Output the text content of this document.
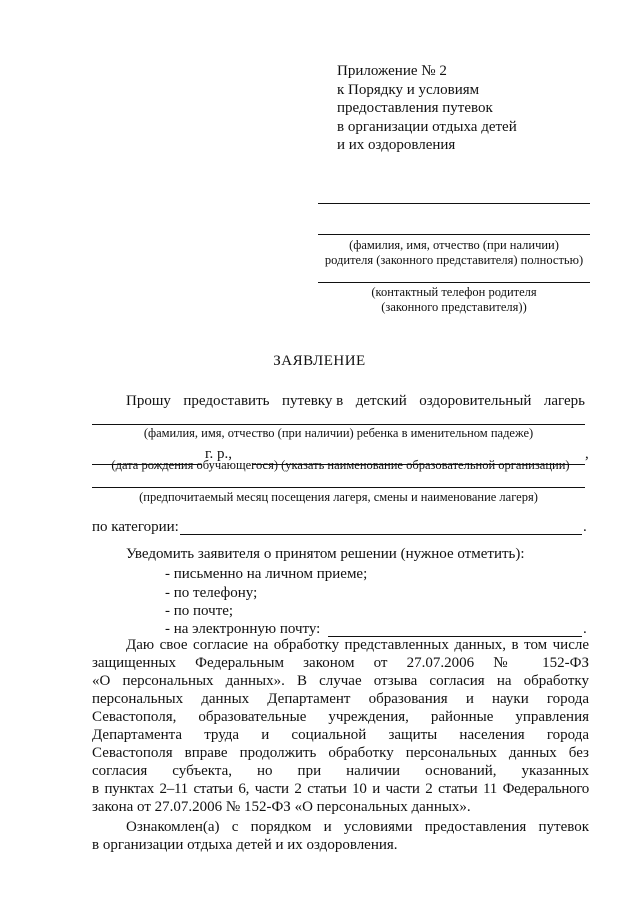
Приложение № 2
к Порядку и условиям
предоставления путевок
в организации отдыха детей
и их оздоровления
(фамилия, имя, отчество (при наличии)
родителя (законного представителя) полностью)
(контактный телефон родителя
(законного представителя))
ЗАЯВЛЕНИЕ
Прошу предоставить путевку в детский оздоровительный лагерь
(фамилия, имя, отчество (при наличии) ребенка в именительном падеже)
г. р.,	,
(дата рождения обучающегося) (указать наименование образовательной организации)
(предпочитаемый месяц посещения лагеря, смены и наименование лагеря)
по категории:	.
Уведомить заявителя о принятом решении (нужное отметить):
- письменно на личном приеме;
- по телефону;
- по почте;
- на электронную почту:	.
Даю свое согласие на обработку представленных данных, в том числе
защищенных Федеральным законом от 27.07.2006 № 152-ФЗ
«О персональных данных». В случае отзыва согласия на обработку
персональных данных Департамент образования и науки города
Севастополя, образовательные учреждения, районные управления
Департамента труда и социальной защиты населения города
Севастополя вправе продолжить обработку персональных данных без
согласия субъекта, но при наличии оснований, указанных
в пунктах 2–11 статьи 6, части 2 статьи 10 и части 2 статьи 11 Федерального
закона от 27.07.2006 № 152-ФЗ «О персональных данных».
Ознакомлен(а) с порядком и условиями предоставления путевок
в организации отдыха детей и их оздоровления.
